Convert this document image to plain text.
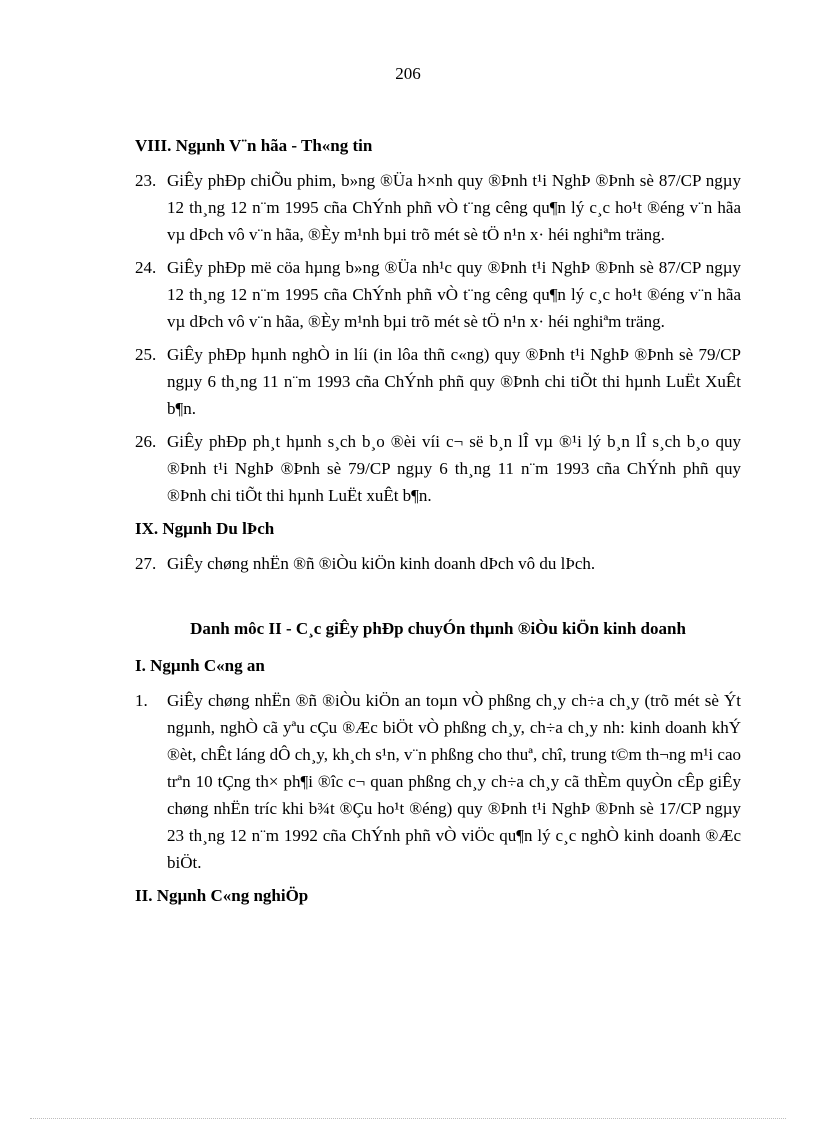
206
VIII. Ngµnh V¨n hãa - Th«ng tin
23. GiÊy phÐp chiÕu phim, b»ng ®Üa h×nh quy ®Þnh t¹i NghÞ ®Þnh sè 87/CP ngµy 12 th¸ng 12 n¨m 1995 cña ChÝnh phñ vÒ t¨ng cêng qu¶n lý c¸c ho¹t ®éng v¨n hãa vµ dÞch vô v¨n hãa, ®Èy m¹nh bµi trõ mét sè tÖ n¹n x· héi nghiªm träng.
24. GiÊy phÐp më cöa hµng b»ng ®Üa nh¹c quy ®Þnh t¹i NghÞ ®Þnh sè 87/CP ngµy 12 th¸ng 12 n¨m 1995 cña ChÝnh phñ vÒ t¨ng cêng qu¶n lý c¸c ho¹t ®éng v¨n hãa vµ dÞch vô v¨n hãa, ®Èy m¹nh bµi trõ mét sè tÖ n¹n x· héi nghiªm träng.
25. GiÊy phÐp hµnh nghÒ in líi (in lôa thñ c«ng) quy ®Þnh t¹i NghÞ ®Þnh sè 79/CP ngµy 6 th¸ng 11 n¨m 1993 cña ChÝnh phñ quy ®Þnh chi tiÕt thi hµnh LuËt XuÊt b¶n.
26. GiÊy phÐp ph¸t hµnh s¸ch b¸o ®èi víi c¬ së b¸n lÎ vµ ®¹i lý b¸n lÎ s¸ch b¸o quy ®Þnh t¹i NghÞ ®Þnh sè 79/CP ngµy 6 th¸ng 11 n¨m 1993 cña ChÝnh phñ quy ®Þnh chi tiÕt thi hµnh LuËt xuÊt b¶n.
IX. Ngµnh Du lÞch
27. GiÊy chøng nhËn ®ñ ®iÒu kiÖn kinh doanh dÞch vô du lÞch.
Danh môc II - C¸c giÊy phÐp chuyÓn thµnh ®iÒu kiÖn kinh doanh
I. Ngµnh C«ng an
1.	GiÊy chøng nhËn ®ñ ®iÒu kiÖn an toµn vÒ phßng ch¸y ch÷a ch¸y (trõ mét sè Ýt ngµnh, nghÒ cã yªu cÇu ®Æc biÖt vÒ phßng ch¸y, ch÷a ch¸y nh: kinh doanh khÝ ®èt, chÊt láng dÔ ch¸y, kh¸ch s¹n, v¨n phßng cho thuª, chî, trung t©m th¬ng m¹i cao trªn 10 tÇng th× ph¶i ®îc c¬ quan phßng ch¸y ch÷a ch¸y cã thÈm quyÒn cÊp giÊy chøng nhËn tríc khi b¾t ®Çu ho¹t ®éng) quy ®Þnh t¹i NghÞ ®Þnh sè 17/CP ngµy 23 th¸ng 12 n¨m 1992 cña ChÝnh phñ vÒ viÖc qu¶n lý c¸c nghÒ kinh doanh ®Æc biÖt.
II. Ngµnh C«ng nghiÖp
